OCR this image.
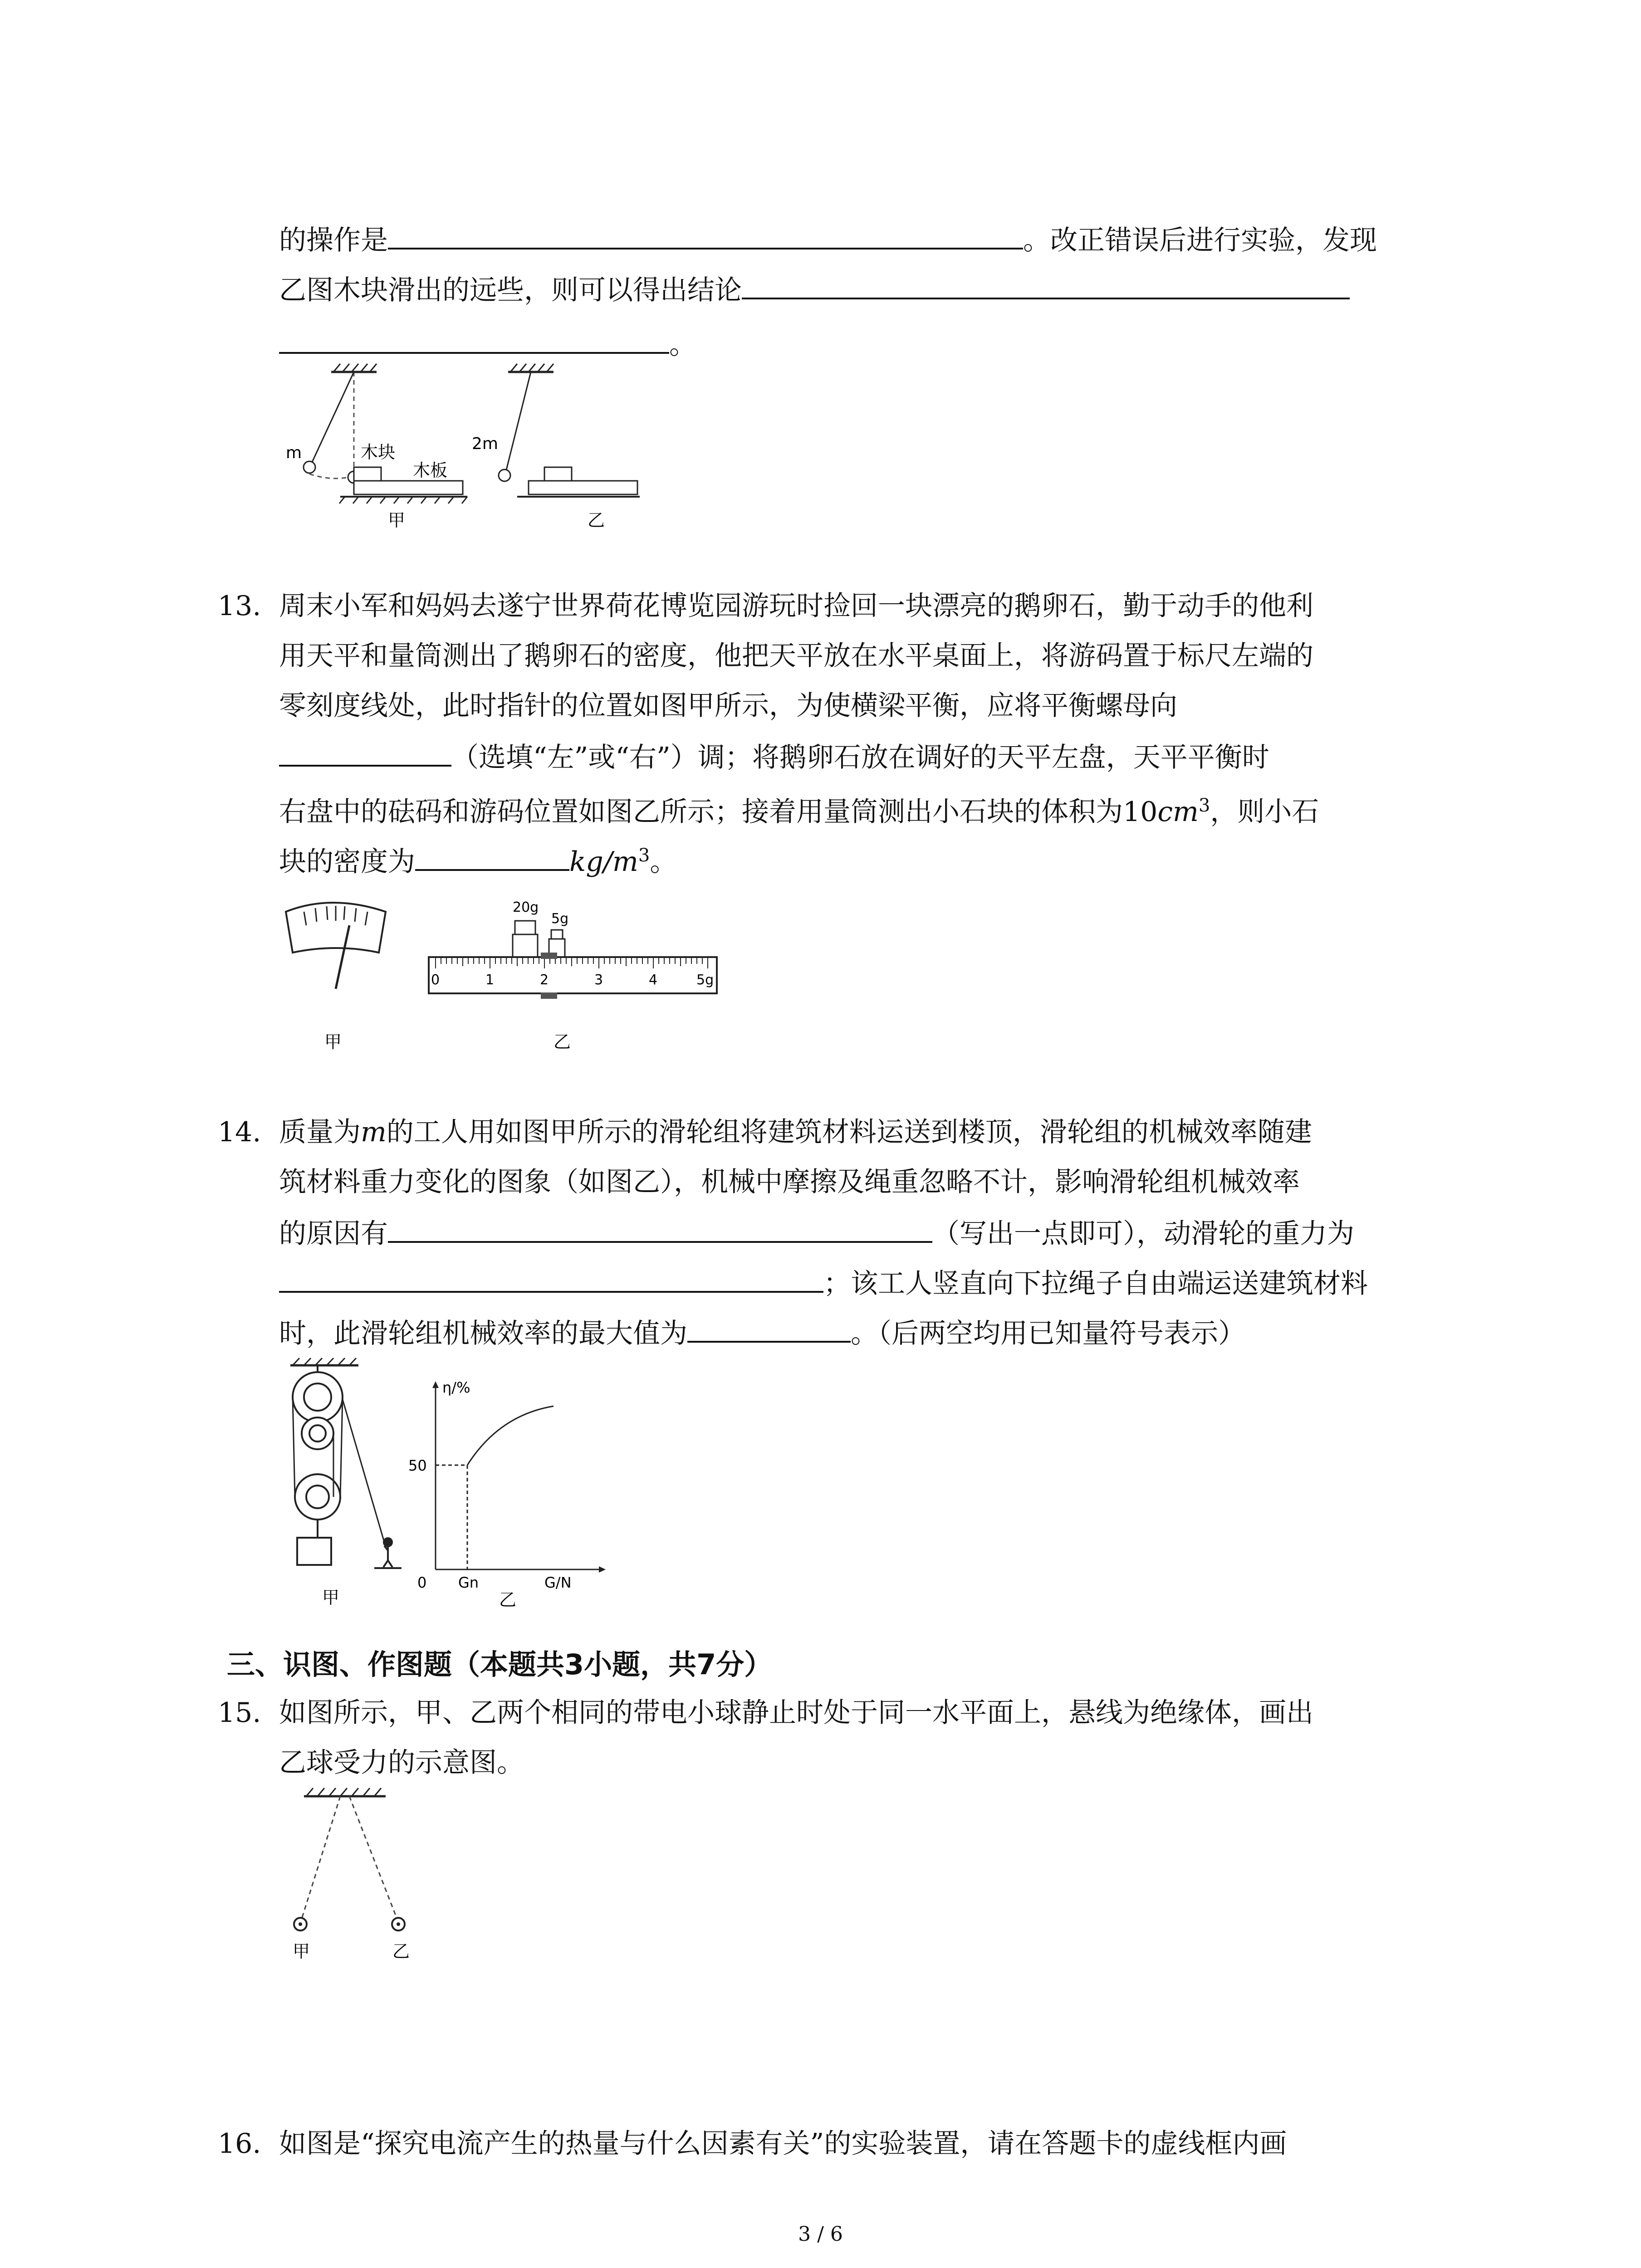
的操作是	。改正错误后进行实验，发现
乙图木块滑出的远些，则可以得出结论
。
m	木块
木板
甲
2m
乙
13. 周末小军和妈妈去遂宁世界荷花博览园游玩时捡回一块漂亮的鹅卵石，勤于动手的他利
用天平和量筒测出了鹅卵石的密度，他把天平放在水平桌面上，将游码置于标尺左端的
零刻度线处，此时指针的位置如图甲所示，为使横梁平衡，应将平衡螺母向
（选填“左”或“右”）调；将鹅卵石放在调好的天平左盘，天平平衡时
右盘中的砝码和游码位置如图乙所示；接着用量筒测出小石块的体积为$10cm^3$，则小石
块的密度为	$kg/m^3$。
甲
20g
5g
0	1	2	3	4	5g
乙
14. 质量为m的工人用如图甲所示的滑轮组将建筑材料运送到楼顶，滑轮组的机械效率随建
筑材料重力变化的图象（如图乙），机械中摩擦及绳重忽略不计，影响滑轮组机械效率
的原因有	（写出一点即可），动滑轮的重力为
；该工人竖直向下拉绳子自由端运送建筑材料
时，此滑轮组机械效率的最大值为	。（后两空均用已知量符号表示）
甲
η/%
50
0 Gn	G/N
乙
三、识图、作图题（本题共3小题，共7分）
15. 如图所示，甲、乙两个相同的带电小球静止时处于同一水平面上，悬线为绝缘体，画出
乙球受力的示意图。
甲	乙
16. 如图是“探究电流产生的热量与什么因素有关”的实验装置，请在答题卡的虚线框内画
3 / 6
